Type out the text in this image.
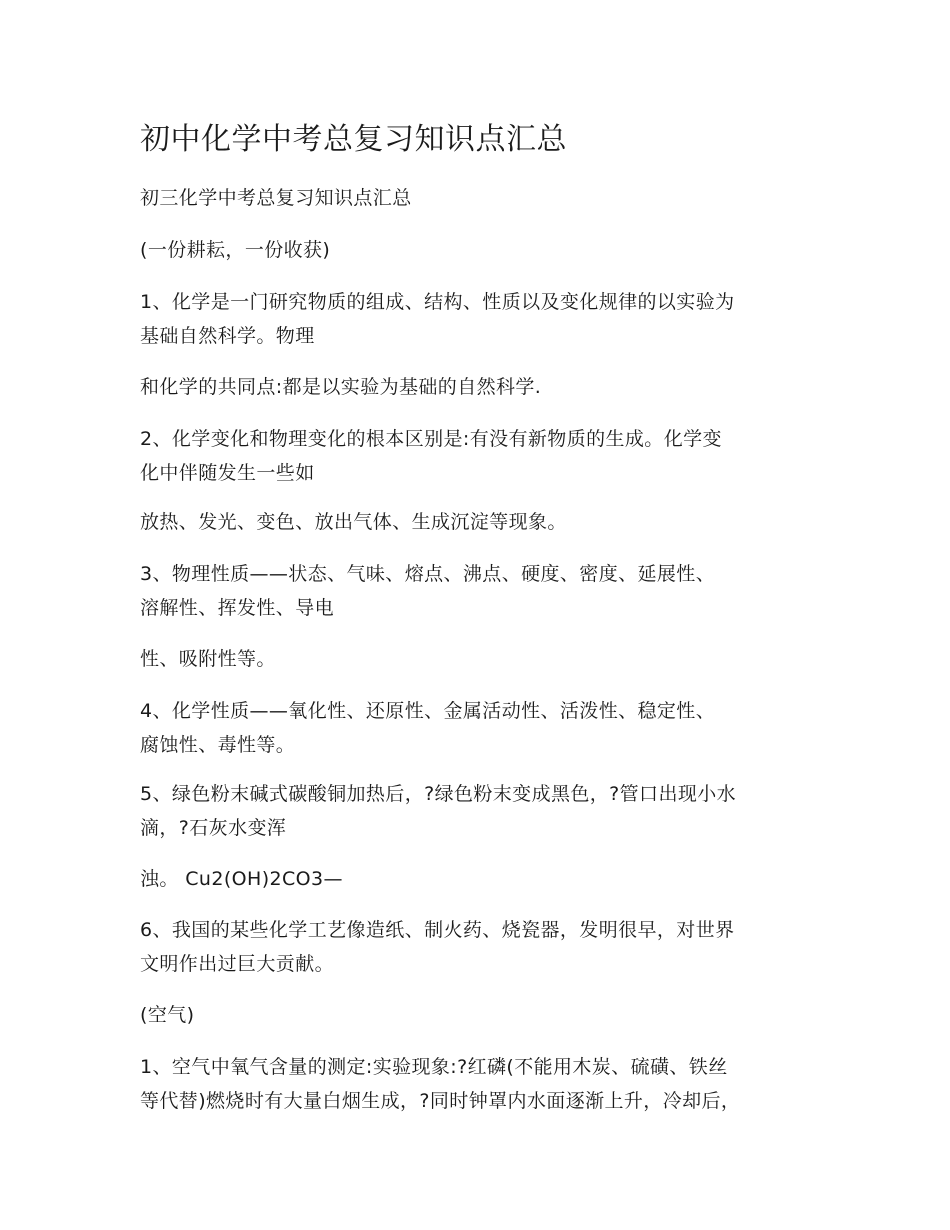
初中化学中考总复习知识点汇总
初三化学中考总复习知识点汇总
(一份耕耘，一份收获)
1、化学是一门研究物质的组成、结构、性质以及变化规律的以实验为
基础自然科学。物理
和化学的共同点:都是以实验为基础的自然科学.
2、化学变化和物理变化的根本区别是:有没有新物质的生成。化学变
化中伴随发生一些如
放热、发光、变色、放出气体、生成沉淀等现象。
3、物理性质——状态、气味、熔点、沸点、硬度、密度、延展性、
溶解性、挥发性、导电
性、吸附性等。
4、化学性质——氧化性、还原性、金属活动性、活泼性、稳定性、
腐蚀性、毒性等。
5、绿色粉末碱式碳酸铜加热后，?绿色粉末变成黑色，?管口出现小水
滴，?石灰水变浑
浊。 Cu2(OH)2CO3—
6、我国的某些化学工艺像造纸、制火药、烧瓷器，发明很早，对世界
文明作出过巨大贡献。
(空气)
1、空气中氧气含量的测定:实验现象:?红磷(不能用木炭、硫磺、铁丝
等代替)燃烧时有大量白烟生成，?同时钟罩内水面逐渐上升，冷却后，
